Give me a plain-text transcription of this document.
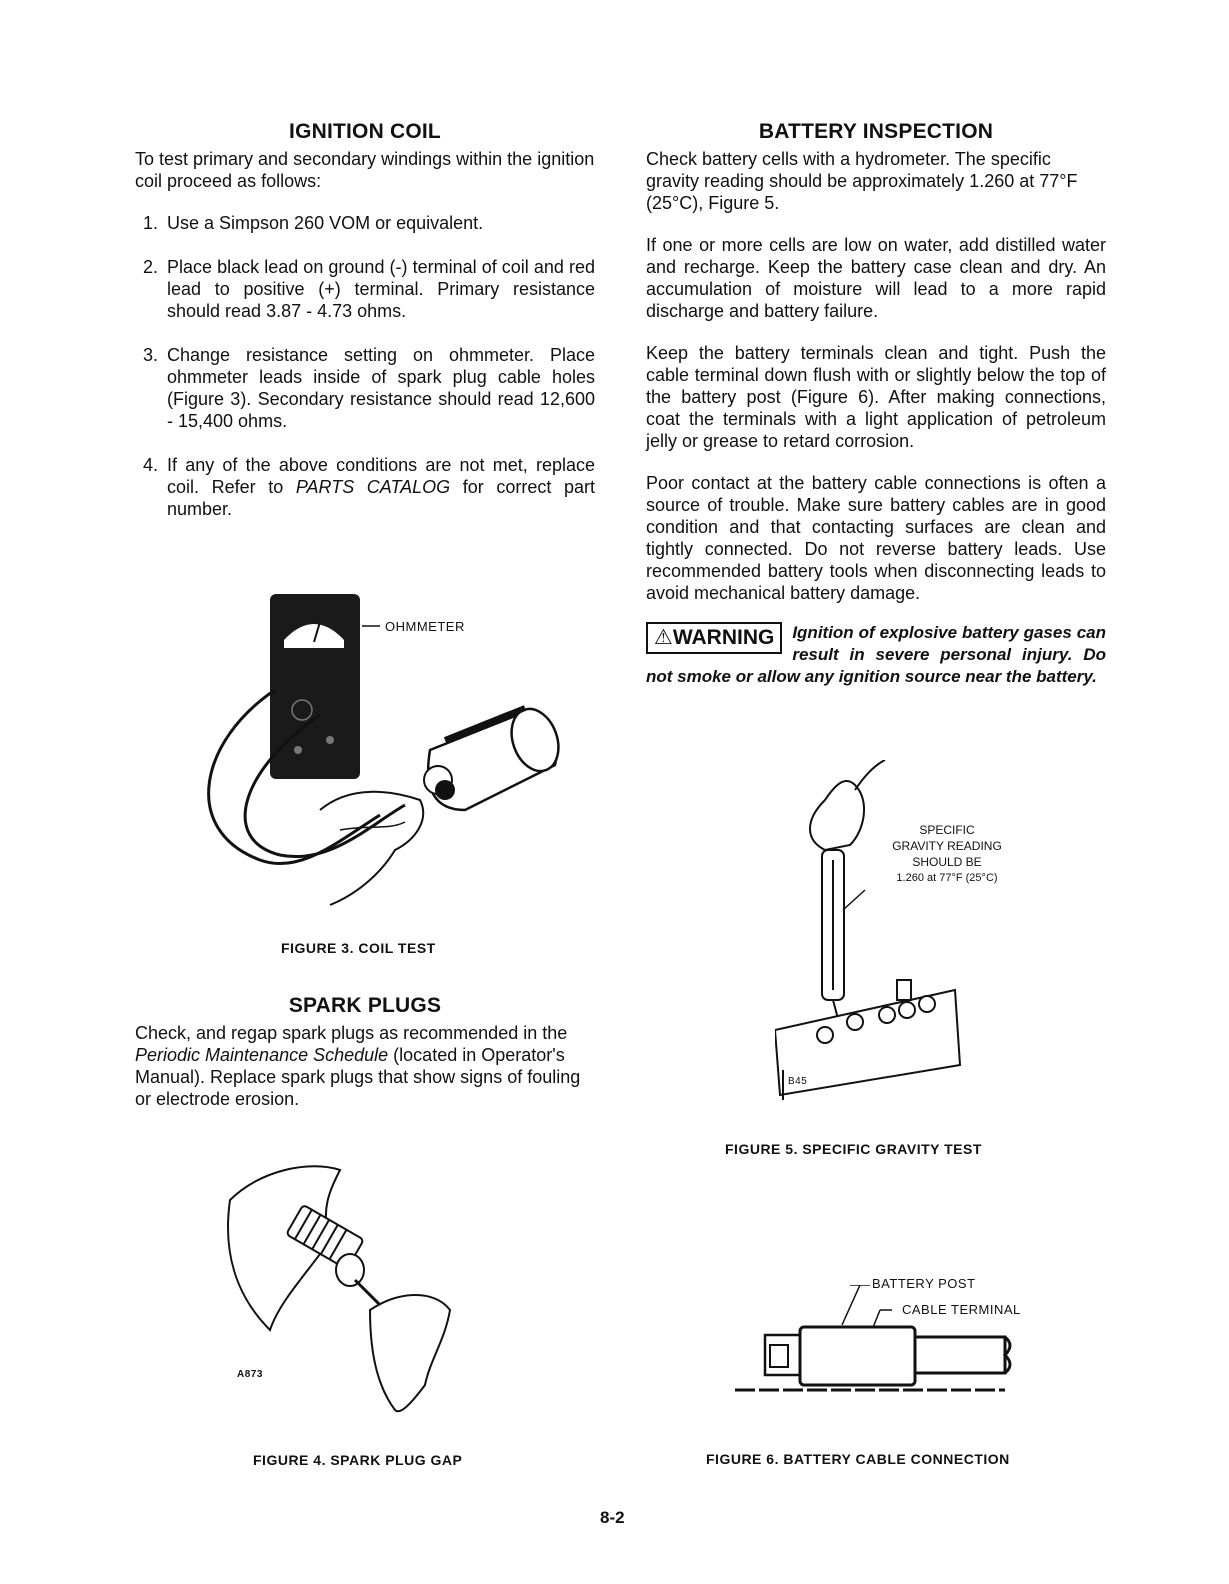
IGNITION COIL

To test primary and secondary windings within the ignition coil proceed as follows:

1. Use a Simpson 260 VOM or equivalent.
2. Place black lead on ground (-) terminal of coil and red lead to positive (+) terminal. Primary resistance should read 3.87 - 4.73 ohms.
3. Change resistance setting on ohmmeter. Place ohmmeter leads inside of spark plug cable holes (Figure 3). Secondary resistance should read 12,600 - 15,400 ohms.
4. If any of the above conditions are not met, replace coil. Refer to PARTS CATALOG for correct part number.
OHMMETER
FIGURE 3. COIL TEST
SPARK PLUGS

Check, and regap spark plugs as recommended in the Periodic Maintenance Schedule (located in Operator's Manual). Replace spark plugs that show signs of fouling or electrode erosion.

A873
FIGURE 4. SPARK PLUG GAP
BATTERY INSPECTION

Check battery cells with a hydrometer. The specific gravity reading should be approximately 1.260 at 77°F (25°C), Figure 5.

If one or more cells are low on water, add distilled water and recharge. Keep the battery case clean and dry. An accumulation of moisture will lead to a more rapid discharge and battery failure.

Keep the battery terminals clean and tight. Push the cable terminal down flush with or slightly below the top of the battery post (Figure 6). After making connections, coat the terminals with a light application of petroleum jelly or grease to retard corrosion.

Poor contact at the battery cable connections is often a source of trouble. Make sure battery cables are in good condition and that contacting surfaces are clean and tightly connected. Do not reverse battery leads. Use recommended battery tools when disconnecting leads to avoid mechanical battery damage.

⚠WARNING	Ignition of explosive battery gases can result in severe personal injury. Do not smoke or allow any ignition source near the battery.
SPECIFIC
GRAVITY READING
SHOULD BE
1.260 at 77°F (25°C)
B45
FIGURE 5. SPECIFIC GRAVITY TEST
BATTERY POST
CABLE TERMINAL
FIGURE 6. BATTERY CABLE CONNECTION
8-2
